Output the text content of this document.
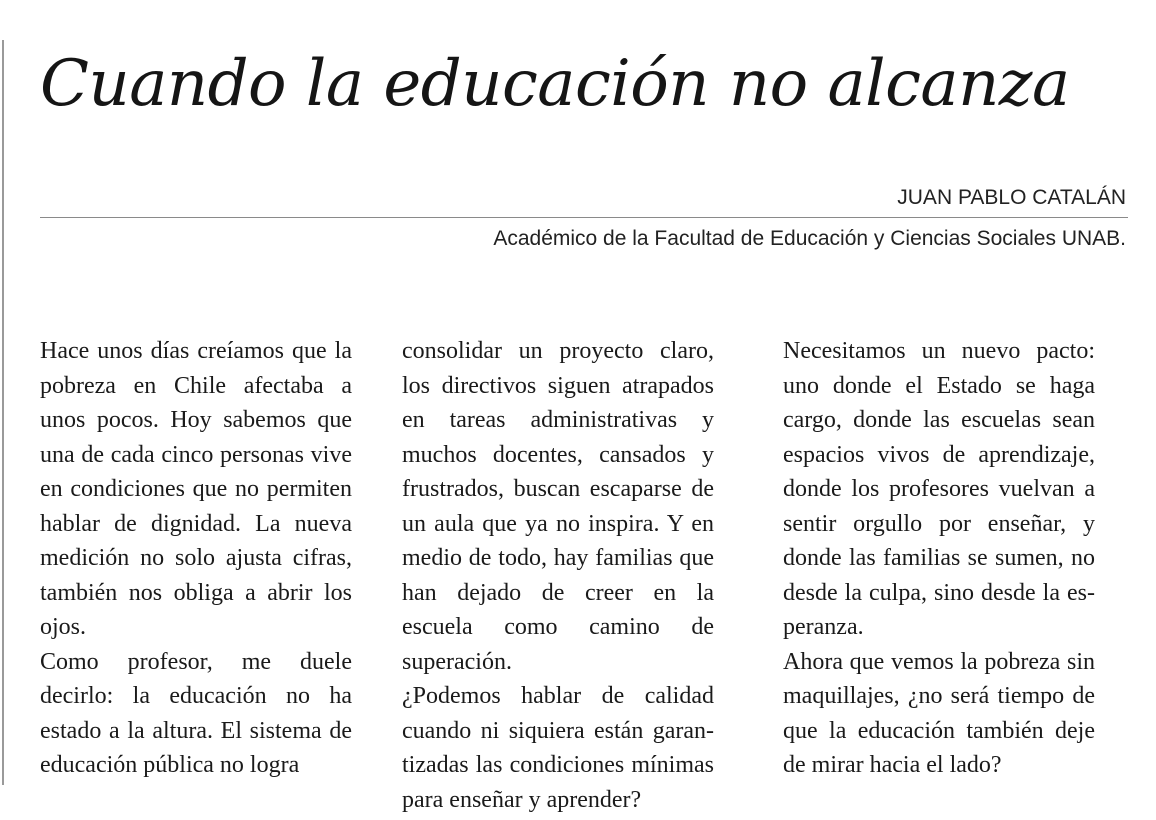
Cuando la educación no alcanza
JUAN PABLO CATALÁN
Académico de la Facultad de Educación y Ciencias Sociales UNAB.

Hace unos días creíamos que la pobreza en Chile afectaba a unos pocos. Hoy sabemos que una de cada cinco personas vive en condiciones que no permiten hablar de dignidad. La nueva medición no solo ajusta cifras, también nos obliga a abrir los ojos.

Como profesor, me duele decirlo: la educación no ha estado a la altura. El sistema de educación pública no logra

consolidar un proyecto claro, los directivos siguen atrapados en tareas administrativas y muchos docentes, cansados y frustrados, buscan escaparse de un aula que ya no inspira. Y en medio de todo, hay familias que han dejado de creer en la escuela como camino de superación.

¿Podemos hablar de calidad cuando ni siquiera están garantizadas las condiciones mínimas para enseñar y aprender?

Necesitamos un nuevo pacto: uno donde el Estado se haga cargo, donde las escuelas sean espacios vivos de aprendizaje, donde los profesores vuelvan a sentir orgullo por enseñar, y donde las familias se sumen, no desde la culpa, sino desde la esperanza.

Ahora que vemos la pobreza sin maquillajes, ¿no será tiempo de que la educación también deje de mirar hacia el lado?
